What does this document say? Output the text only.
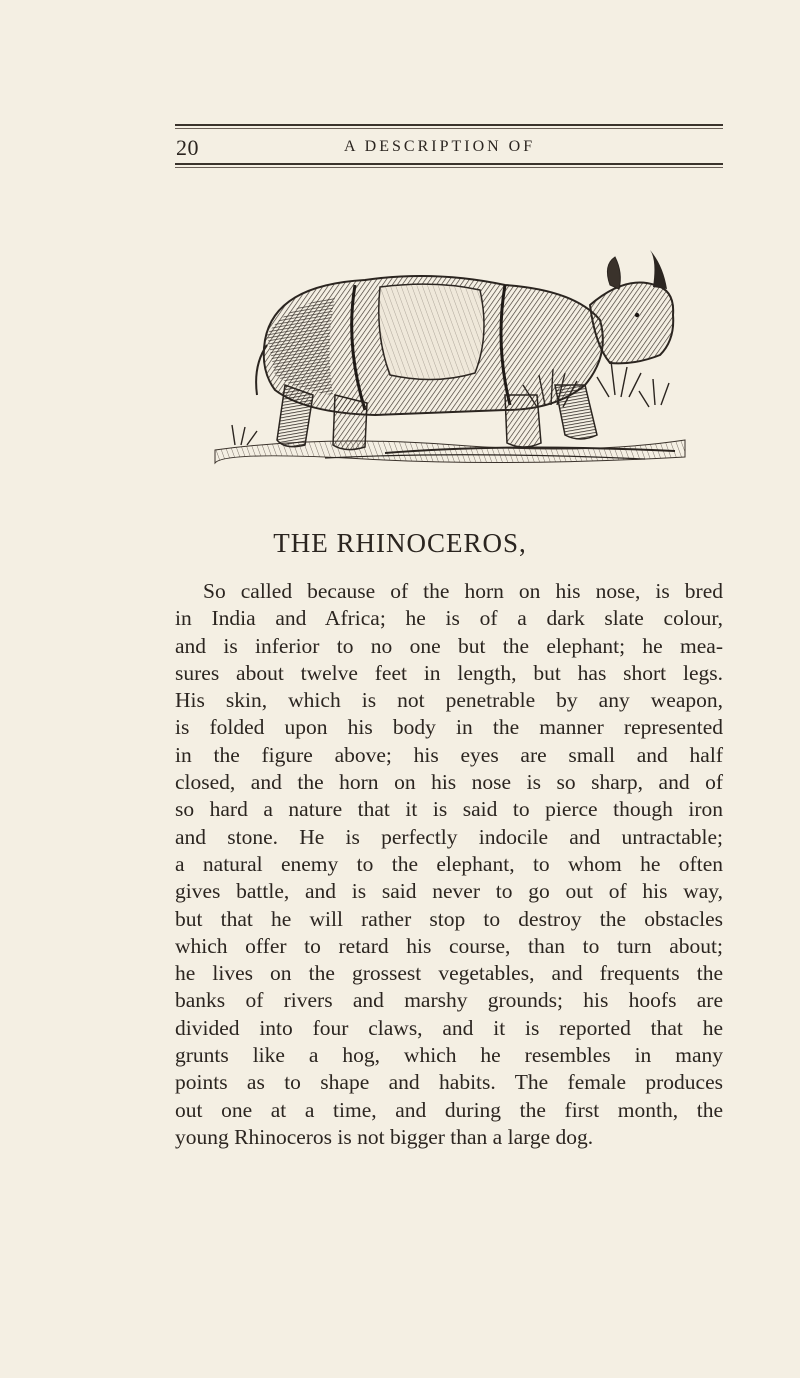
20	A DESCRIPTION OF
THE RHINOCEROS,
So called because of the horn on his nose, is bred
in India and Africa; he is of a dark slate colour,
and is inferior to no one but the elephant; he mea-
sures about twelve feet in length, but has short legs.
His skin, which is not penetrable by any weapon,
is folded upon his body in the manner represented
in the figure above; his eyes are small and half
closed, and the horn on his nose is so sharp, and of
so hard a nature that it is said to pierce though iron
and stone. He is perfectly indocile and untractable;
a natural enemy to the elephant, to whom he often
gives battle, and is said never to go out of his way,
but that he will rather stop to destroy the obstacles
which offer to retard his course, than to turn about;
he lives on the grossest vegetables, and frequents the
banks of rivers and marshy grounds; his hoofs are
divided into four claws, and it is reported that he
grunts like a hog, which he resembles in many
points as to shape and habits. The female produces
out one at a time, and during the first month, the
young Rhinoceros is not bigger than a large dog.
